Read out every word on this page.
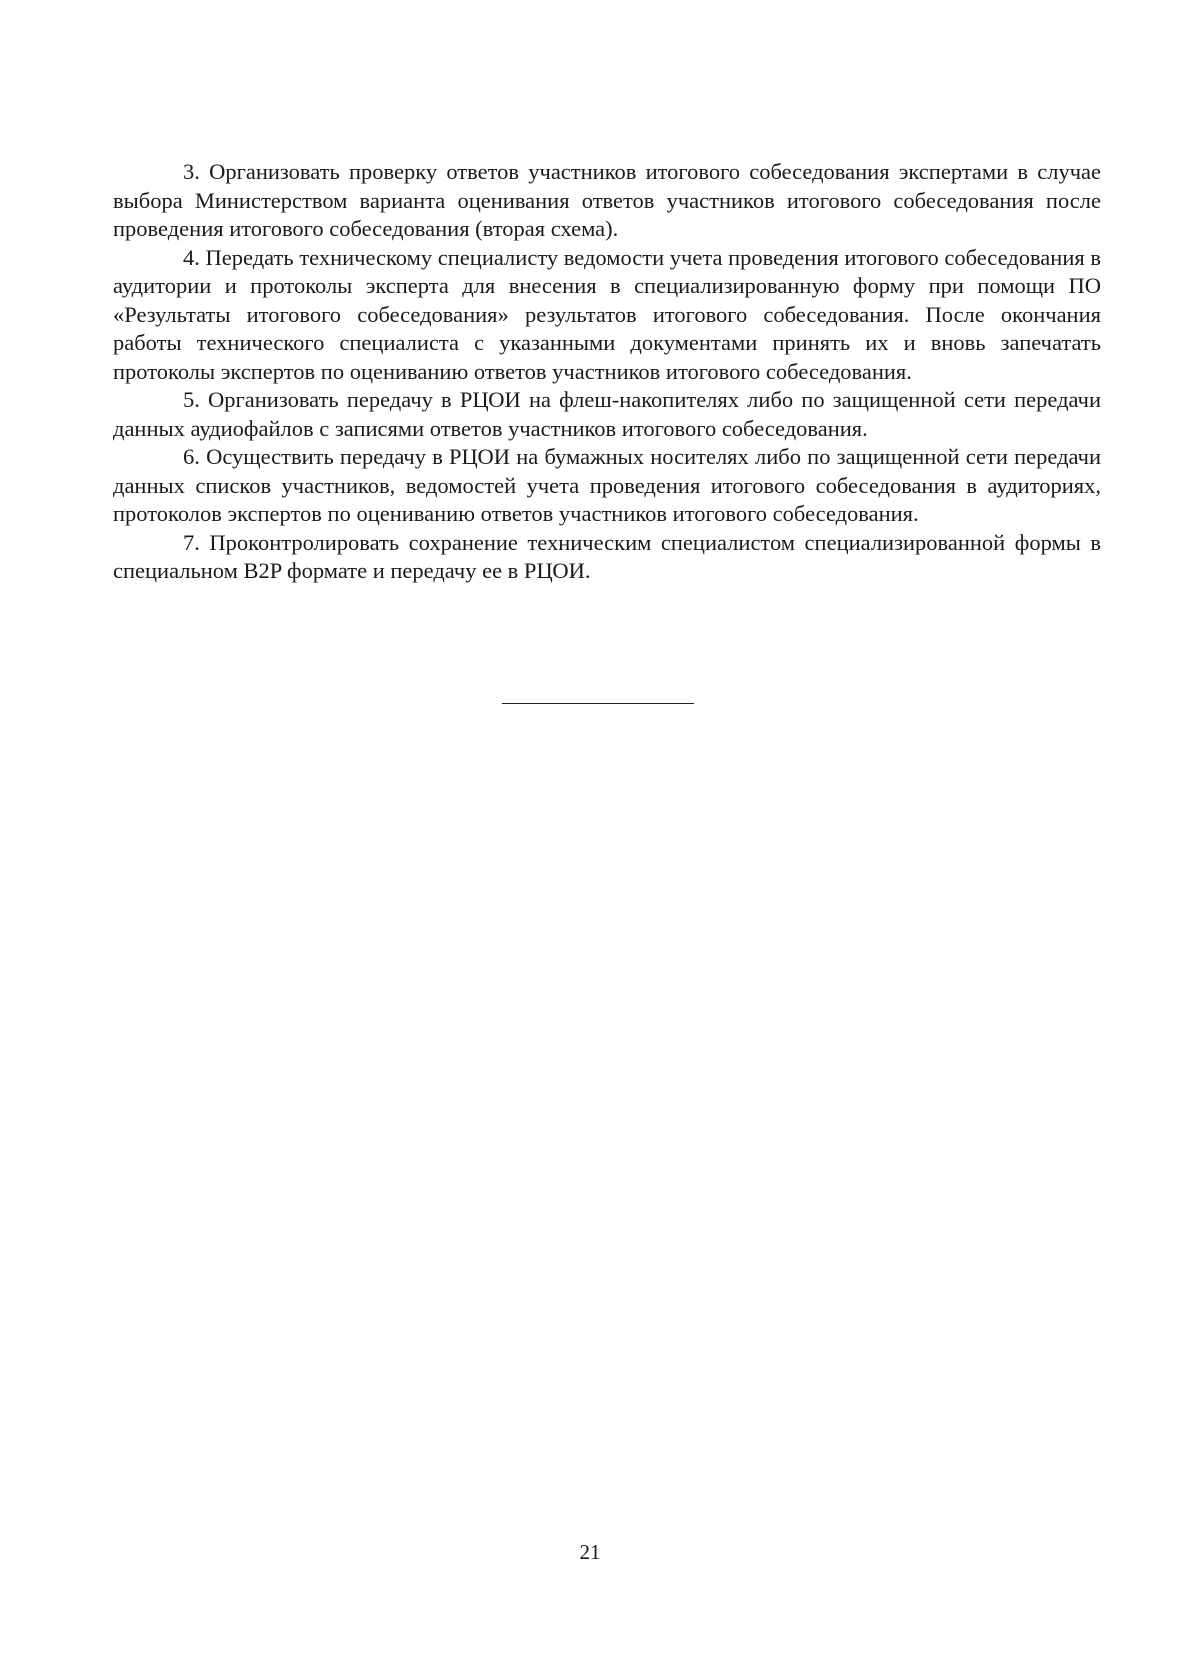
3. Организовать проверку ответов участников итогового собеседования экспертами в случае выбора Министерством варианта оценивания ответов участников итогового собеседования после проведения итогового собеседования (вторая схема).

4. Передать техническому специалисту ведомости учета проведения итогового собеседования в аудитории и протоколы эксперта для внесения в специализированную форму при помощи ПО «Результаты итогового собеседования» результатов итогового собеседования. После окончания работы технического специалиста с указанными документами принять их и вновь запечатать протоколы экспертов по оцениванию ответов участников итогового собеседования.

5. Организовать передачу в РЦОИ на флеш-накопителях либо по защищенной сети передачи данных аудиофайлов с записями ответов участников итогового собеседования.

6. Осуществить передачу в РЦОИ на бумажных носителях либо по защищенной сети передачи данных списков участников, ведомостей учета проведения итогового собеседования в аудиториях, протоколов экспертов по оцениванию ответов участников итогового собеседования.

7. Проконтролировать сохранение техническим специалистом специализированной формы в специальном B2P формате и передачу ее в РЦОИ.

21
